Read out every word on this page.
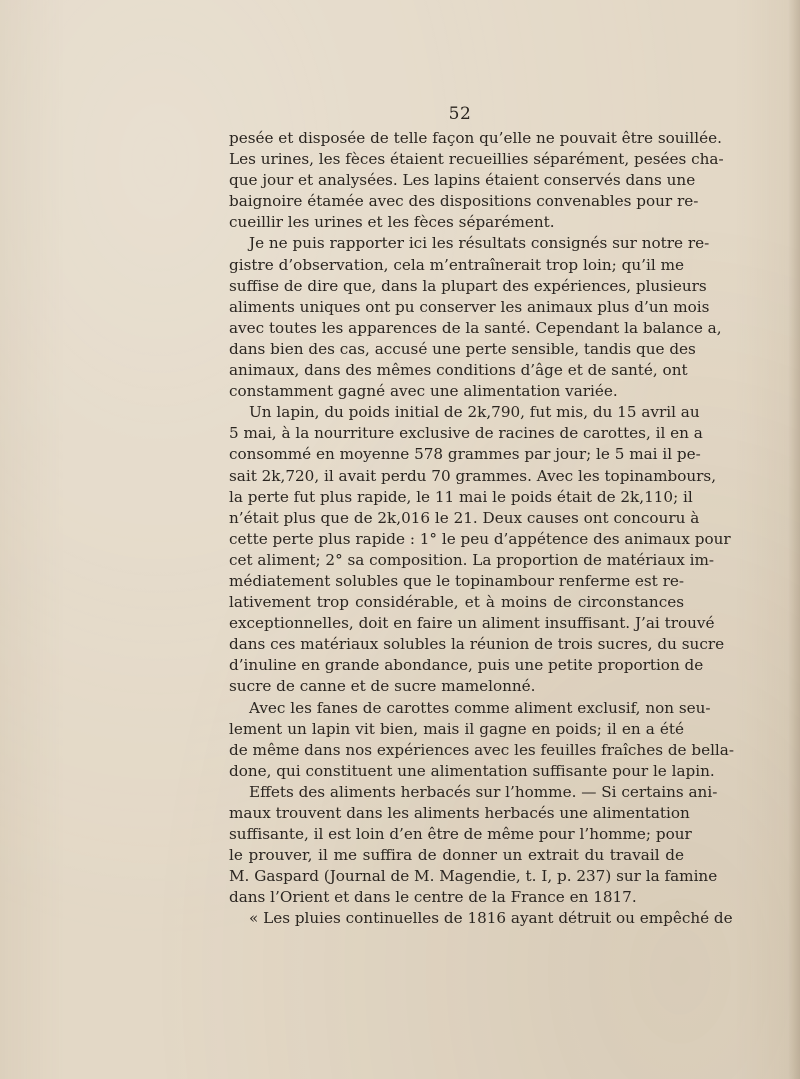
52
pesée et disposée de telle façon qu’elle ne pouvait être souillée.
Les urines, les fèces étaient recueillies séparément, pesées cha-
que jour et analysées. Les lapins étaient conservés dans une
baignoire étamée avec des dispositions convenables pour re-
cueillir les urines et les fèces séparément.
Je ne puis rapporter ici les résultats consignés sur notre re-
gistre d’observation, cela m’entraînerait trop loin; qu’il me
suffise de dire que, dans la plupart des expériences, plusieurs
aliments uniques ont pu conserver les animaux plus d’un mois
avec toutes les apparences de la santé. Cependant la balance a,
dans bien des cas, accusé une perte sensible, tandis que des
animaux, dans des mêmes conditions d’âge et de santé, ont
constamment gagné avec une alimentation variée.
Un lapin, du poids initial de 2k,790, fut mis, du 15 avril au
5 mai, à la nourriture exclusive de racines de carottes, il en a
consommé en moyenne 578 grammes par jour; le 5 mai il pe-
sait 2k,720, il avait perdu 70 grammes. Avec les topinambours,
la perte fut plus rapide, le 11 mai le poids était de 2k,110; il
n’était plus que de 2k,016 le 21. Deux causes ont concouru à
cette perte plus rapide : 1° le peu d’appétence des animaux pour
cet aliment; 2° sa composition. La proportion de matériaux im-
médiatement solubles que le topinambour renferme est re-
lativement trop considérable, et à moins de circonstances
exceptionnelles, doit en faire un aliment insuffisant. J’ai trouvé
dans ces matériaux solubles la réunion de trois sucres, du sucre
d’inuline en grande abondance, puis une petite proportion de
sucre de canne et de sucre mamelonné.
Avec les fanes de carottes comme aliment exclusif, non seu-
lement un lapin vit bien, mais il gagne en poids; il en a été
de même dans nos expériences avec les feuilles fraîches de bella-
done, qui constituent une alimentation suffisante pour le lapin.
Effets des aliments herbacés sur l’homme. — Si certains ani-
maux trouvent dans les aliments herbacés une alimentation
suffisante, il est loin d’en être de même pour l’homme; pour
le prouver, il me suffira de donner un extrait du travail de
M. Gaspard (Journal de M. Magendie, t. I, p. 237) sur la famine
dans l’Orient et dans le centre de la France en 1817.
« Les pluies continuelles de 1816 ayant détruit ou empêché de
